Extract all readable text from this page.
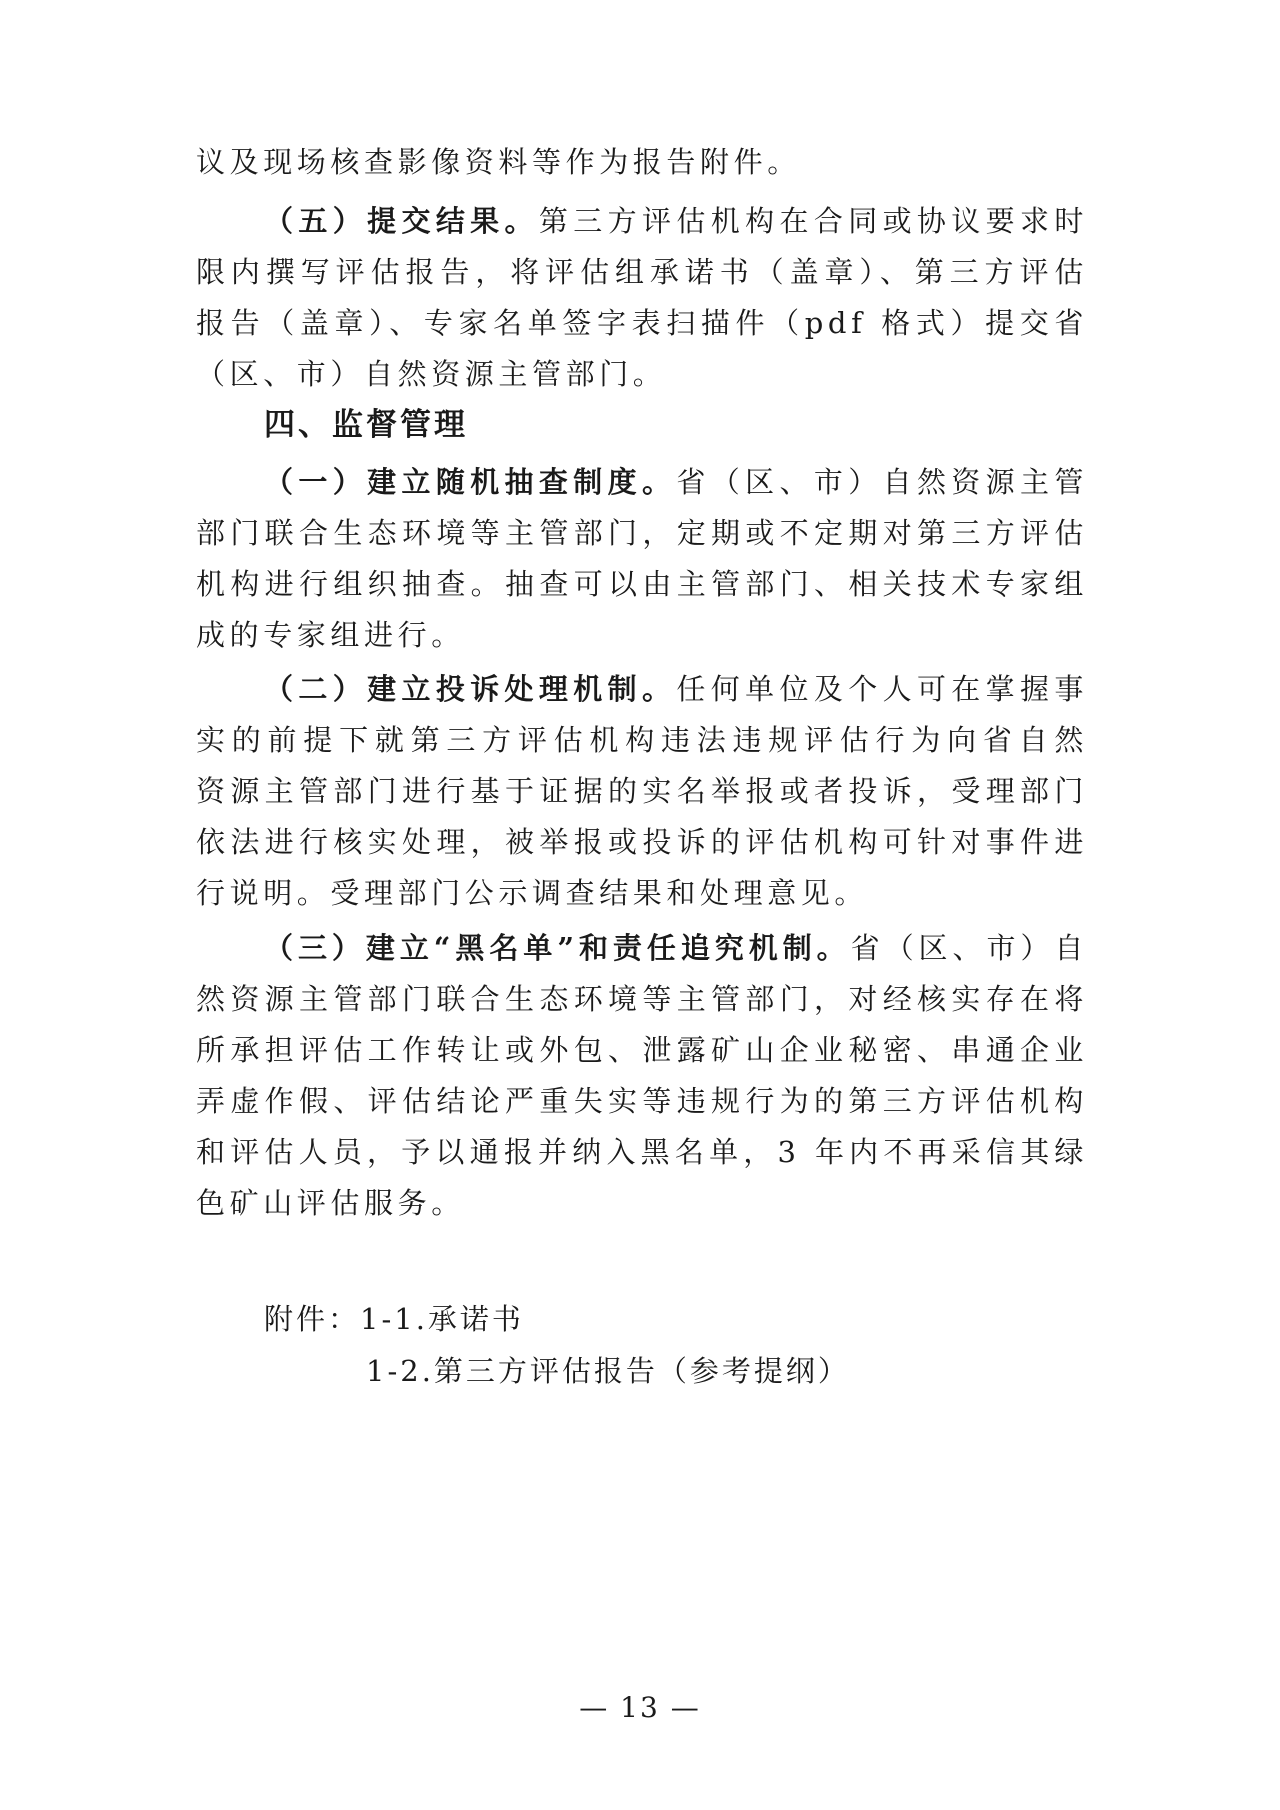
议及现场核查影像资料等作为报告附件。
（五）提交结果。第三方评估机构在合同或协议要求时
限内撰写评估报告，将评估组承诺书（盖章）、第三方评估
报告（盖章）、专家名单签字表扫描件（pdf 格式）提交省
（区、市）自然资源主管部门。
四、监督管理
（一）建立随机抽查制度。省（区、市）自然资源主管
部门联合生态环境等主管部门，定期或不定期对第三方评估
机构进行组织抽查。抽查可以由主管部门、相关技术专家组
成的专家组进行。
（二）建立投诉处理机制。任何单位及个人可在掌握事
实的前提下就第三方评估机构违法违规评估行为向省自然
资源主管部门进行基于证据的实名举报或者投诉，受理部门
依法进行核实处理，被举报或投诉的评估机构可针对事件进
行说明。受理部门公示调查结果和处理意见。
（三）建立“黑名单”和责任追究机制。省（区、市）自
然资源主管部门联合生态环境等主管部门，对经核实存在将
所承担评估工作转让或外包、泄露矿山企业秘密、串通企业
弄虚作假、评估结论严重失实等违规行为的第三方评估机构
和评估人员，予以通报并纳入黑名单，3 年内不再采信其绿
色矿山评估服务。
附件：1-1.承诺书
1-2.第三方评估报告（参考提纲）
— 13 —
